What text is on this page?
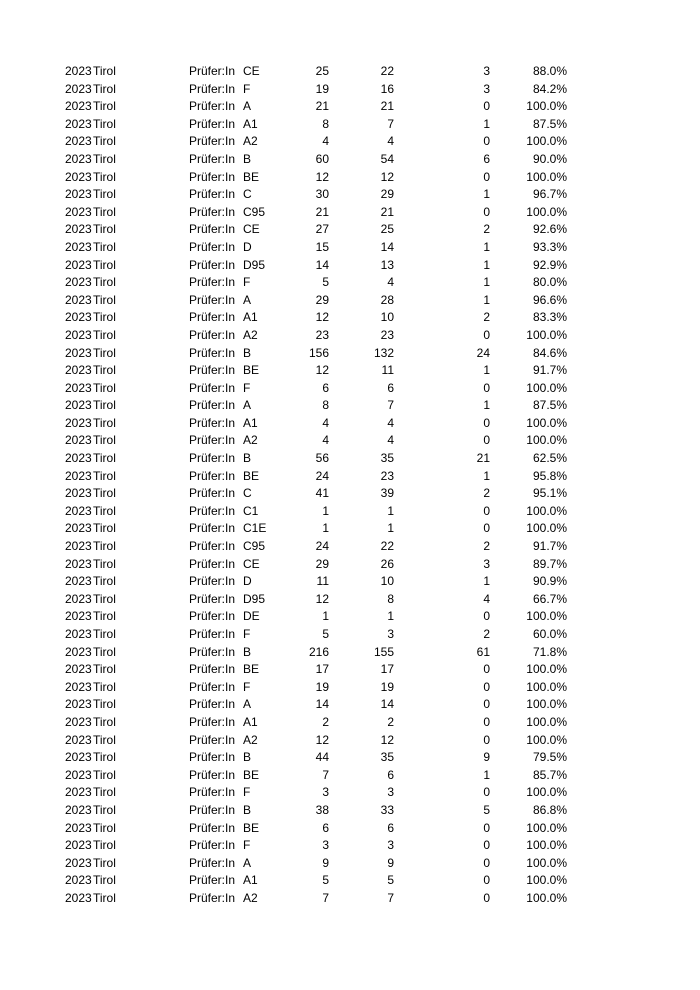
2023 Tirol	Prüfer:In CE	25	22	3	88.0%
2023 Tirol	Prüfer:In F	19	16	3	84.2%
2023 Tirol	Prüfer:In A	21	21	0	100.0%
2023 Tirol	Prüfer:In A1	8	7	1	87.5%
2023 Tirol	Prüfer:In A2	4	4	0	100.0%
2023 Tirol	Prüfer:In B	60	54	6	90.0%
2023 Tirol	Prüfer:In BE	12	12	0	100.0%
2023 Tirol	Prüfer:In C	30	29	1	96.7%
2023 Tirol	Prüfer:In C95	21	21	0	100.0%
2023 Tirol	Prüfer:In CE	27	25	2	92.6%
2023 Tirol	Prüfer:In D	15	14	1	93.3%
2023 Tirol	Prüfer:In D95	14	13	1	92.9%
2023 Tirol	Prüfer:In F	5	4	1	80.0%
2023 Tirol	Prüfer:In A	29	28	1	96.6%
2023 Tirol	Prüfer:In A1	12	10	2	83.3%
2023 Tirol	Prüfer:In A2	23	23	0	100.0%
2023 Tirol	Prüfer:In B	156	132	24	84.6%
2023 Tirol	Prüfer:In BE	12	11	1	91.7%
2023 Tirol	Prüfer:In F	6	6	0	100.0%
2023 Tirol	Prüfer:In A	8	7	1	87.5%
2023 Tirol	Prüfer:In A1	4	4	0	100.0%
2023 Tirol	Prüfer:In A2	4	4	0	100.0%
2023 Tirol	Prüfer:In B	56	35	21	62.5%
2023 Tirol	Prüfer:In BE	24	23	1	95.8%
2023 Tirol	Prüfer:In C	41	39	2	95.1%
2023 Tirol	Prüfer:In C1	1	1	0	100.0%
2023 Tirol	Prüfer:In C1E	1	1	0	100.0%
2023 Tirol	Prüfer:In C95	24	22	2	91.7%
2023 Tirol	Prüfer:In CE	29	26	3	89.7%
2023 Tirol	Prüfer:In D	11	10	1	90.9%
2023 Tirol	Prüfer:In D95	12	8	4	66.7%
2023 Tirol	Prüfer:In DE	1	1	0	100.0%
2023 Tirol	Prüfer:In F	5	3	2	60.0%
2023 Tirol	Prüfer:In B	216	155	61	71.8%
2023 Tirol	Prüfer:In BE	17	17	0	100.0%
2023 Tirol	Prüfer:In F	19	19	0	100.0%
2023 Tirol	Prüfer:In A	14	14	0	100.0%
2023 Tirol	Prüfer:In A1	2	2	0	100.0%
2023 Tirol	Prüfer:In A2	12	12	0	100.0%
2023 Tirol	Prüfer:In B	44	35	9	79.5%
2023 Tirol	Prüfer:In BE	7	6	1	85.7%
2023 Tirol	Prüfer:In F	3	3	0	100.0%
2023 Tirol	Prüfer:In B	38	33	5	86.8%
2023 Tirol	Prüfer:In BE	6	6	0	100.0%
2023 Tirol	Prüfer:In F	3	3	0	100.0%
2023 Tirol	Prüfer:In A	9	9	0	100.0%
2023 Tirol	Prüfer:In A1	5	5	0	100.0%
2023 Tirol	Prüfer:In A2	7	7	0	100.0%
